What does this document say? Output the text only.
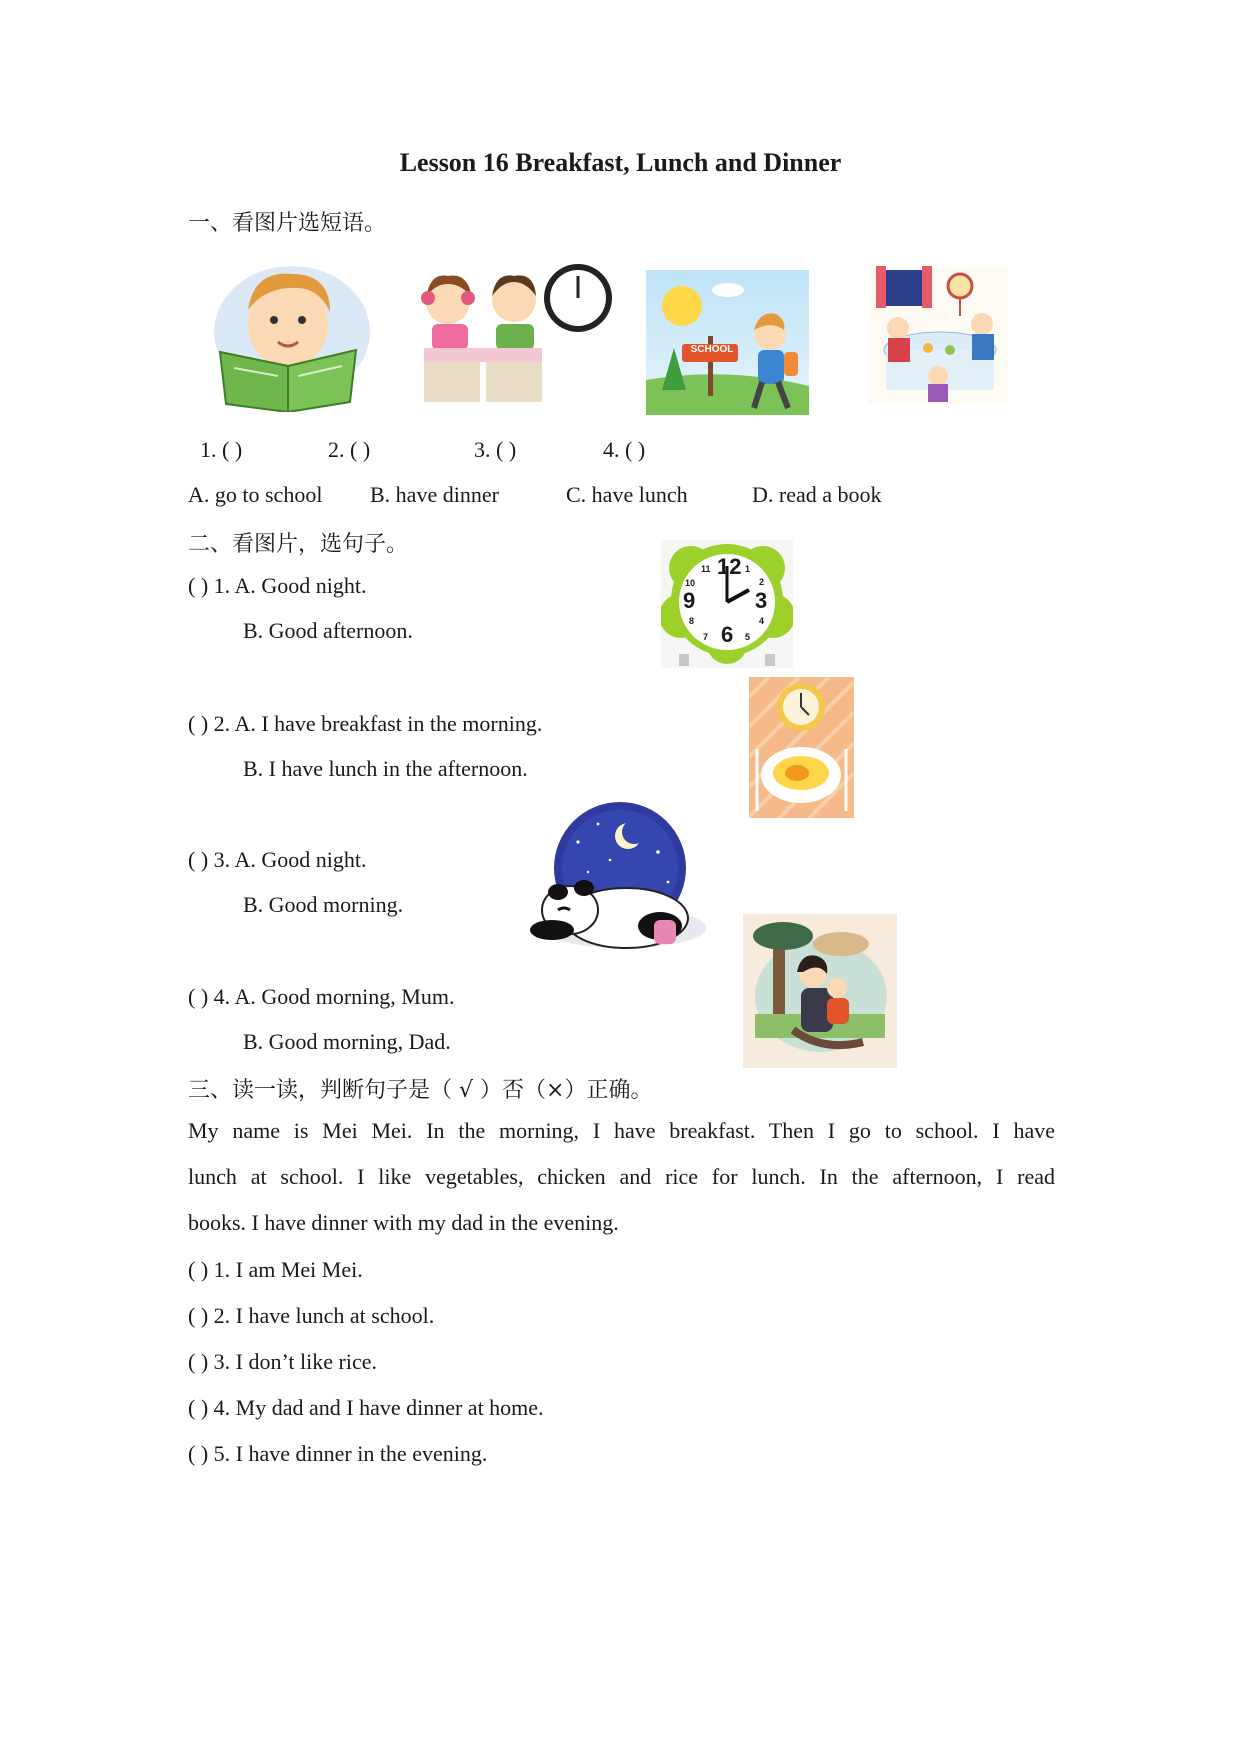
Lesson 16 Breakfast, Lunch and Dinner
一、看图片选短语。
SCHOOL
1. ( )	2. ( )	3. ( )	4. ( )
A. go to school B. have dinner	C. have lunch	D. read a book
二、看图片，选句子。
( ) 1. A. Good night.
B. Good afternoon.
12
3
6
9
1
2
4
5
7
8
10
11
( ) 2. A. I have breakfast in the morning.
B. I have lunch in the afternoon.
( ) 3. A. Good night.
B. Good morning.
( ) 4. A. Good morning, Mum.
B. Good morning, Dad.
三、读一读，判断句子是（ √ ）否（×）正确。
My name is Mei Mei. In the morning, I have breakfast. Then I go to school. I have
lunch at school. I like vegetables, chicken and rice for lunch. In the afternoon, I read
books. I have dinner with my dad in the evening.
( ) 1. I am Mei Mei.
( ) 2. I have lunch at school.
( ) 3. I don’t like rice.
( ) 4. My dad and I have dinner at home.
( ) 5. I have dinner in the evening.
